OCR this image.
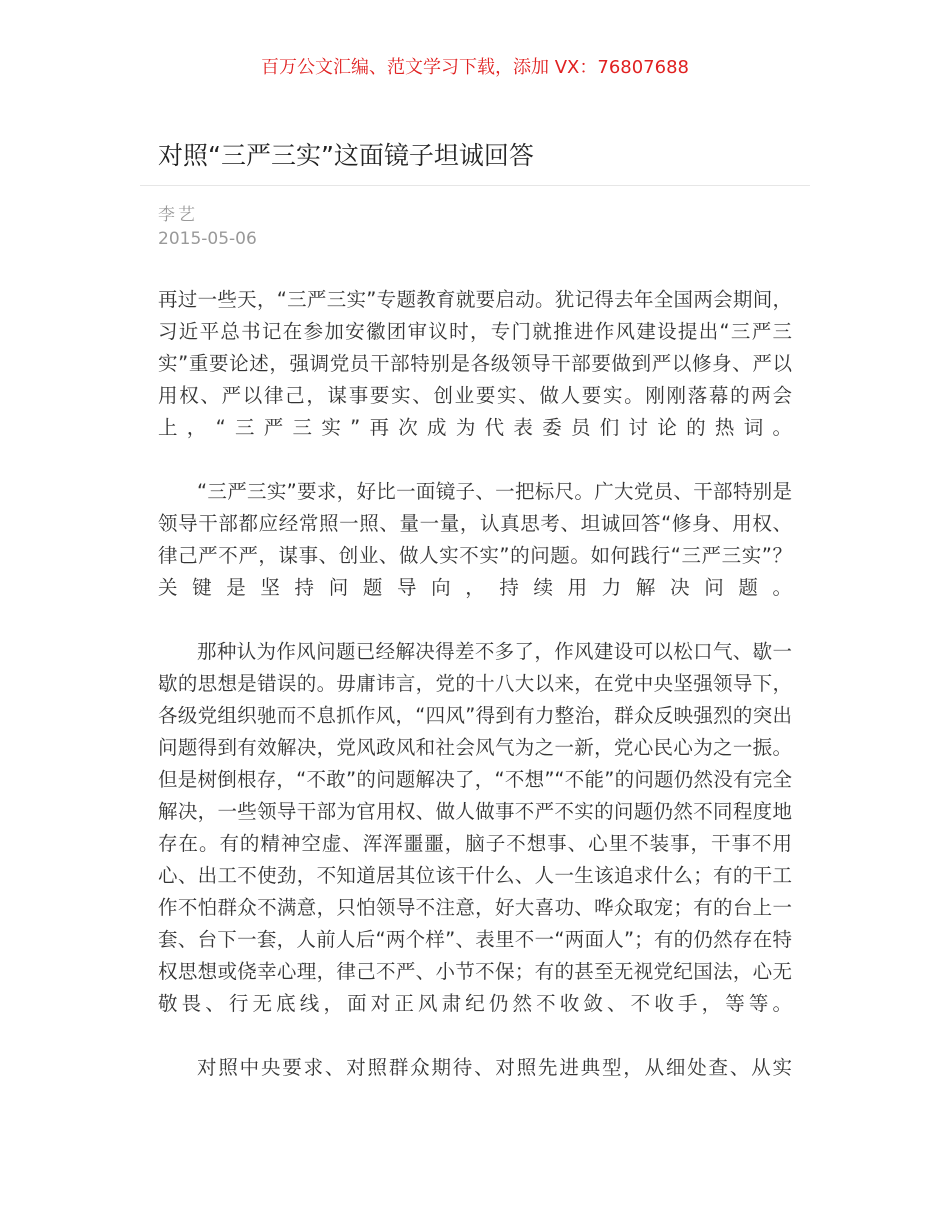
百万公文汇编、范文学习下载，添加 VX：76807688
对照“三严三实”这面镜子坦诚回答
李艺
2015-05-06

再过一些天，“三严三实”专题教育就要启动。犹记得去年全国两会期间，习近平总书记在参加安徽团审议时，专门就推进作风建设提出“三严三实”重要论述，强调党员干部特别是各级领导干部要做到严以修身、严以用权、严以律己，谋事要实、创业要实、做人要实。刚刚落幕的两会上，“三严三实”再次成为代表委员们讨论的热词。

“三严三实”要求，好比一面镜子、一把标尺。广大党员、干部特别是领导干部都应经常照一照、量一量，认真思考、坦诚回答“修身、用权、律己严不严，谋事、创业、做人实不实”的问题。如何践行“三严三实”？关键是坚持问题导向，持续用力解决问题。

那种认为作风问题已经解决得差不多了，作风建设可以松口气、歇一歇的思想是错误的。毋庸讳言，党的十八大以来，在党中央坚强领导下，各级党组织驰而不息抓作风，“四风”得到有力整治，群众反映强烈的突出问题得到有效解决，党风政风和社会风气为之一新，党心民心为之一振。但是树倒根存，“不敢”的问题解决了，“不想”“不能”的问题仍然没有完全解决，一些领导干部为官用权、做人做事不严不实的问题仍然不同程度地存在。有的精神空虚、浑浑噩噩，脑子不想事、心里不装事，干事不用心、出工不使劲，不知道居其位该干什么、人一生该追求什么；有的干工作不怕群众不满意，只怕领导不注意，好大喜功、哗众取宠；有的台上一套、台下一套，人前人后“两个样”、表里不一“两面人”；有的仍然存在特权思想或侥幸心理，律己不严、小节不保；有的甚至无视党纪国法，心无敬畏、行无底线，面对正风肃纪仍然不收敛、不收手，等等。

对照中央要求、对照群众期待、对照先进典型，从细处查、从实
